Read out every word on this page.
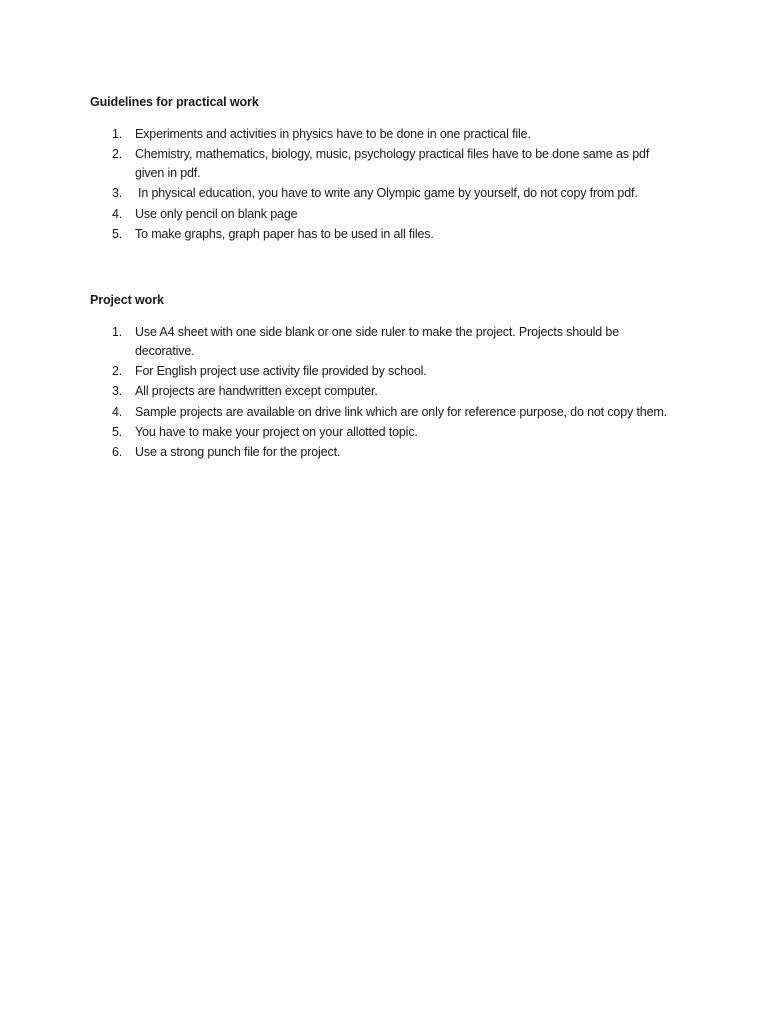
Guidelines for practical work

1. Experiments and activities in physics have to be done in one practical file.
2. Chemistry, mathematics, biology, music, psychology practical files have to be done same as pdf given in pdf.
3. In physical education, you have to write any Olympic game by yourself, do not copy from pdf.
4. Use only pencil on blank page
5. To make graphs, graph paper has to be used in all files.

Project work

1. Use A4 sheet with one side blank or one side ruler to make the project. Projects should be decorative.
2. For English project use activity file provided by school.
3. All projects are handwritten except computer.
4. Sample projects are available on drive link which are only for reference purpose, do not copy them.
5. You have to make your project on your allotted topic.
6. Use a strong punch file for the project.
